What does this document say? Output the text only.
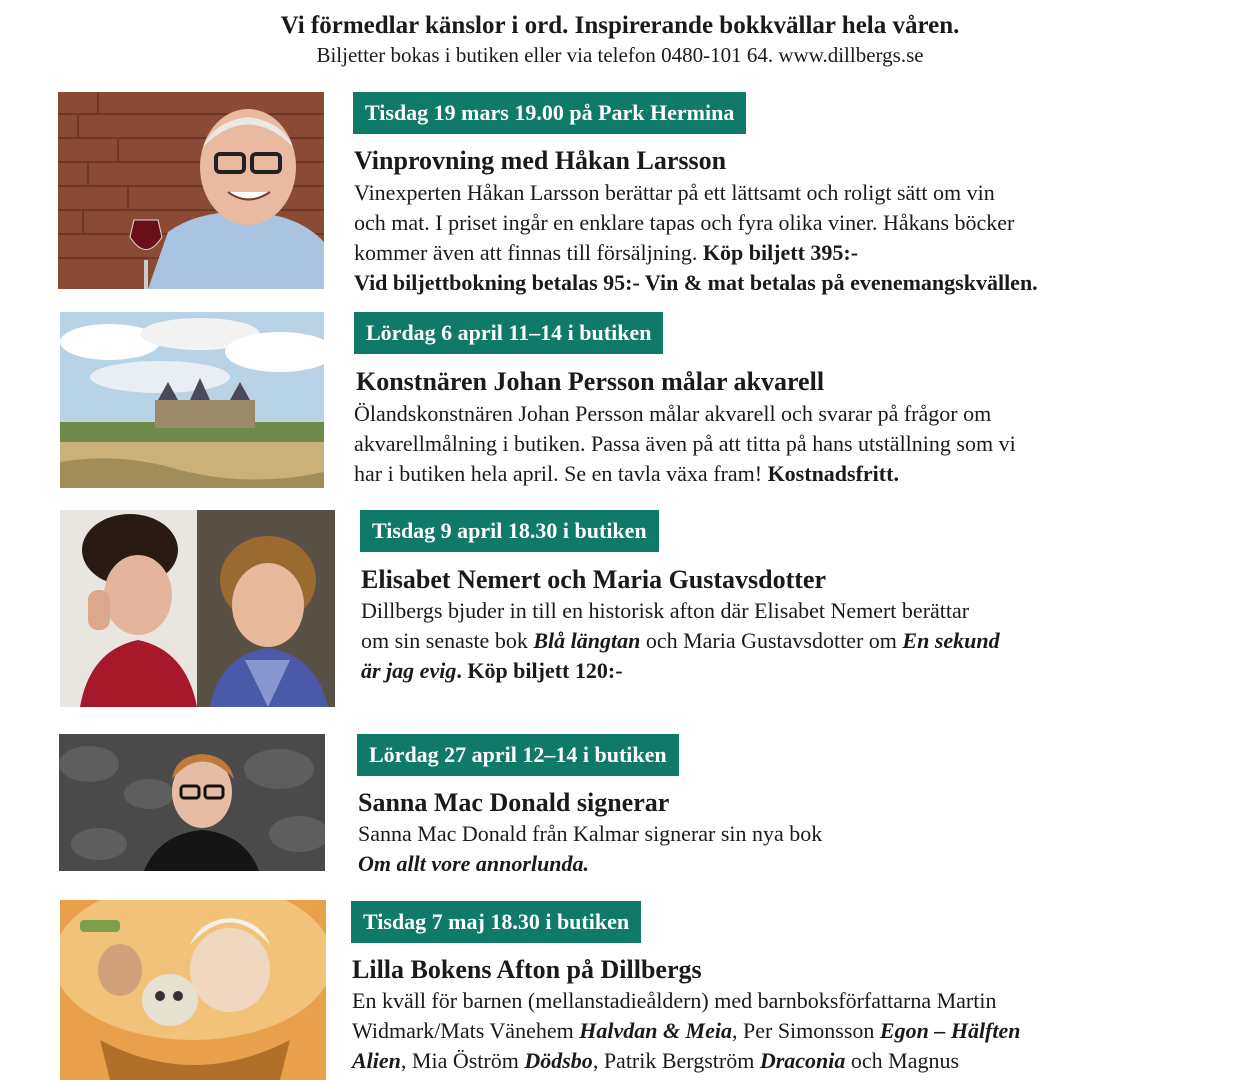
Vi förmedlar känslor i ord. Inspirerande bokkvällar hela våren.
Biljetter bokas i butiken eller via telefon 0480-101 64. www.dillbergs.se
Tisdag 19 mars 19.00 på Park Hermina
Vinprovning med Håkan Larsson

Vinexperten Håkan Larsson berättar på ett lättsamt och roligt sätt om vin

och mat. I priset ingår en enklare tapas och fyra olika viner. Håkans böcker

kommer även att finnas till försäljning. Köp biljett 395:-

Vid biljettbokning betalas 95:- Vin & mat betalas på evenemangskvällen.

Lördag 6 april 11–14 i butiken
Konstnären Johan Persson målar akvarell

Ölandskonstnären Johan Persson målar akvarell och svarar på frågor om

akvarellmålning i butiken. Passa även på att titta på hans utställning som vi

har i butiken hela april. Se en tavla växa fram! Kostnadsfritt.

Tisdag 9 april 18.30 i butiken
Elisabet Nemert och Maria Gustavsdotter

Dillbergs bjuder in till en historisk afton där Elisabet Nemert berättar

om sin senaste bok Blå längtan och Maria Gustavsdotter om En sekund

är jag evig. Köp biljett 120:-

Lördag 27 april 12–14 i butiken
Sanna Mac Donald signerar

Sanna Mac Donald från Kalmar signerar sin nya bok

Om allt vore annorlunda.

Tisdag 7 maj 18.30 i butiken
Lilla Bokens Afton på Dillbergs

En kväll för barnen (mellanstadieåldern) med barnboksförfattarna Martin

Widmark/Mats Vänehem Halvdan & Meia, Per Simonsson Egon – Hälften

Alien, Mia Öström Dödsbo, Patrik Bergström Draconia och Magnus
